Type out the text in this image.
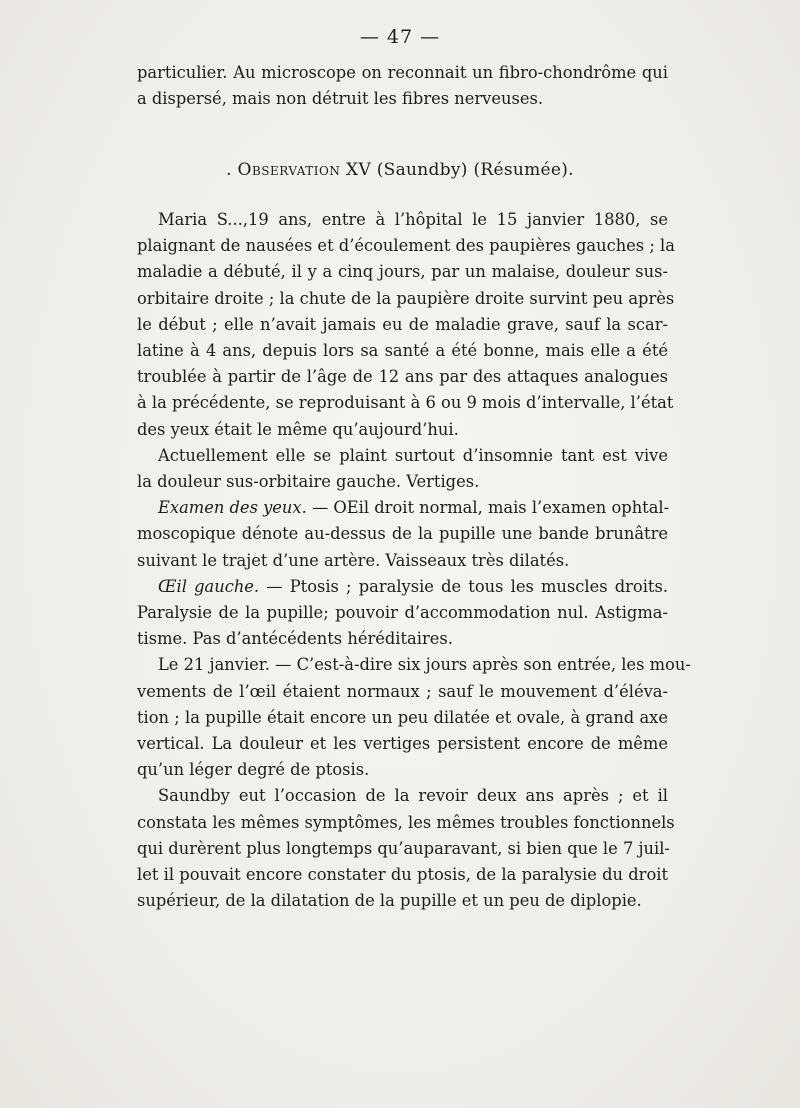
— 47 —
particulier. Au microscope on reconnait un fibro-chondrôme qui
a dispersé, mais non détruit les fibres nerveuses.
. Observation XV (Saundby) (Résumée).
Maria S...,19 ans, entre à l’hôpital le 15 janvier 1880, se
plaignant de nausées et d’écoulement des paupières gauches ; la
maladie a débuté, il y a cinq jours, par un malaise, douleur sus-
orbitaire droite ; la chute de la paupière droite survint peu après
le début ; elle n’avait jamais eu de maladie grave, sauf la scar-
latine à 4 ans, depuis lors sa santé a été bonne, mais elle a été
troublée à partir de l’âge de 12 ans par des attaques analogues
à la précédente, se reproduisant à 6 ou 9 mois d’intervalle, l’état
des yeux était le même qu’aujourd’hui.
Actuellement elle se plaint surtout d’insomnie tant est vive
la douleur sus-orbitaire gauche. Vertiges.
Examen des yeux. — OEil droit normal, mais l’examen ophtal-
moscopique dénote au-dessus de la pupille une bande brunâtre
suivant le trajet d’une artère. Vaisseaux très dilatés.
Œil gauche. — Ptosis ; paralysie de tous les muscles droits.
Paralysie de la pupille; pouvoir d’accommodation nul. Astigma-
tisme. Pas d’antécédents héréditaires.
Le 21 janvier. — C’est-à-dire six jours après son entrée, les mou-
vements de l’œil étaient normaux ; sauf le mouvement d’éléva-
tion ; la pupille était encore un peu dilatée et ovale, à grand axe
vertical. La douleur et les vertiges persistent encore de même
qu’un léger degré de ptosis.
Saundby eut l’occasion de la revoir deux ans après ; et il
constata les mêmes symptômes, les mêmes troubles fonctionnels
qui durèrent plus longtemps qu’auparavant, si bien que le 7 juil-
let il pouvait encore constater du ptosis, de la paralysie du droit
supérieur, de la dilatation de la pupille et un peu de diplopie.
